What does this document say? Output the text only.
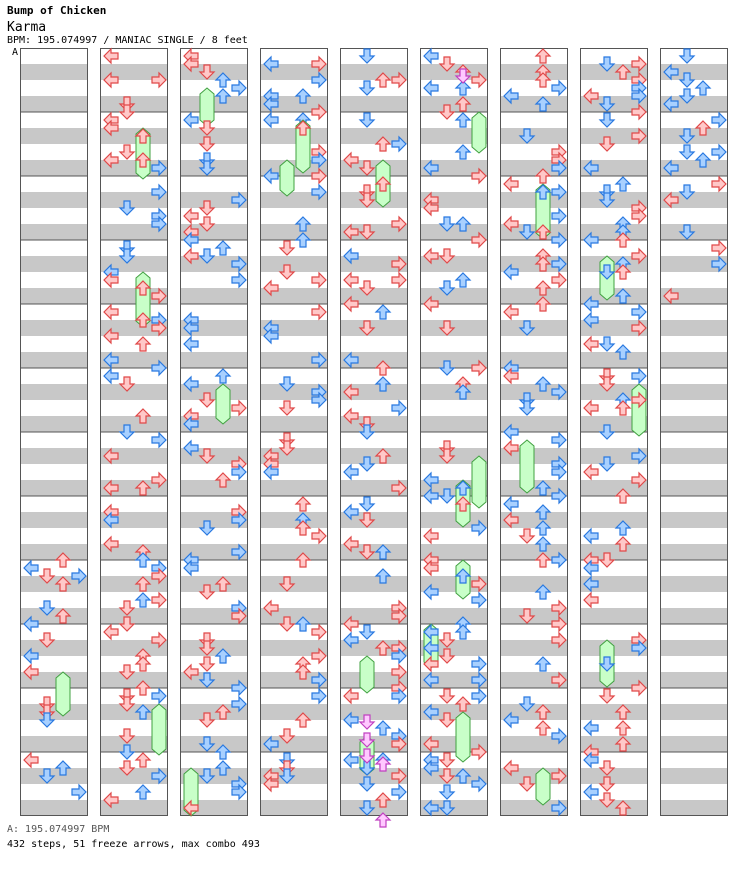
Bump of Chicken
Karma
BPM: 195.074997 / MANIAC SINGLE / 8 feet
A
A: 195.074997 BPM
432 steps, 51 freeze arrows, max combo 493
